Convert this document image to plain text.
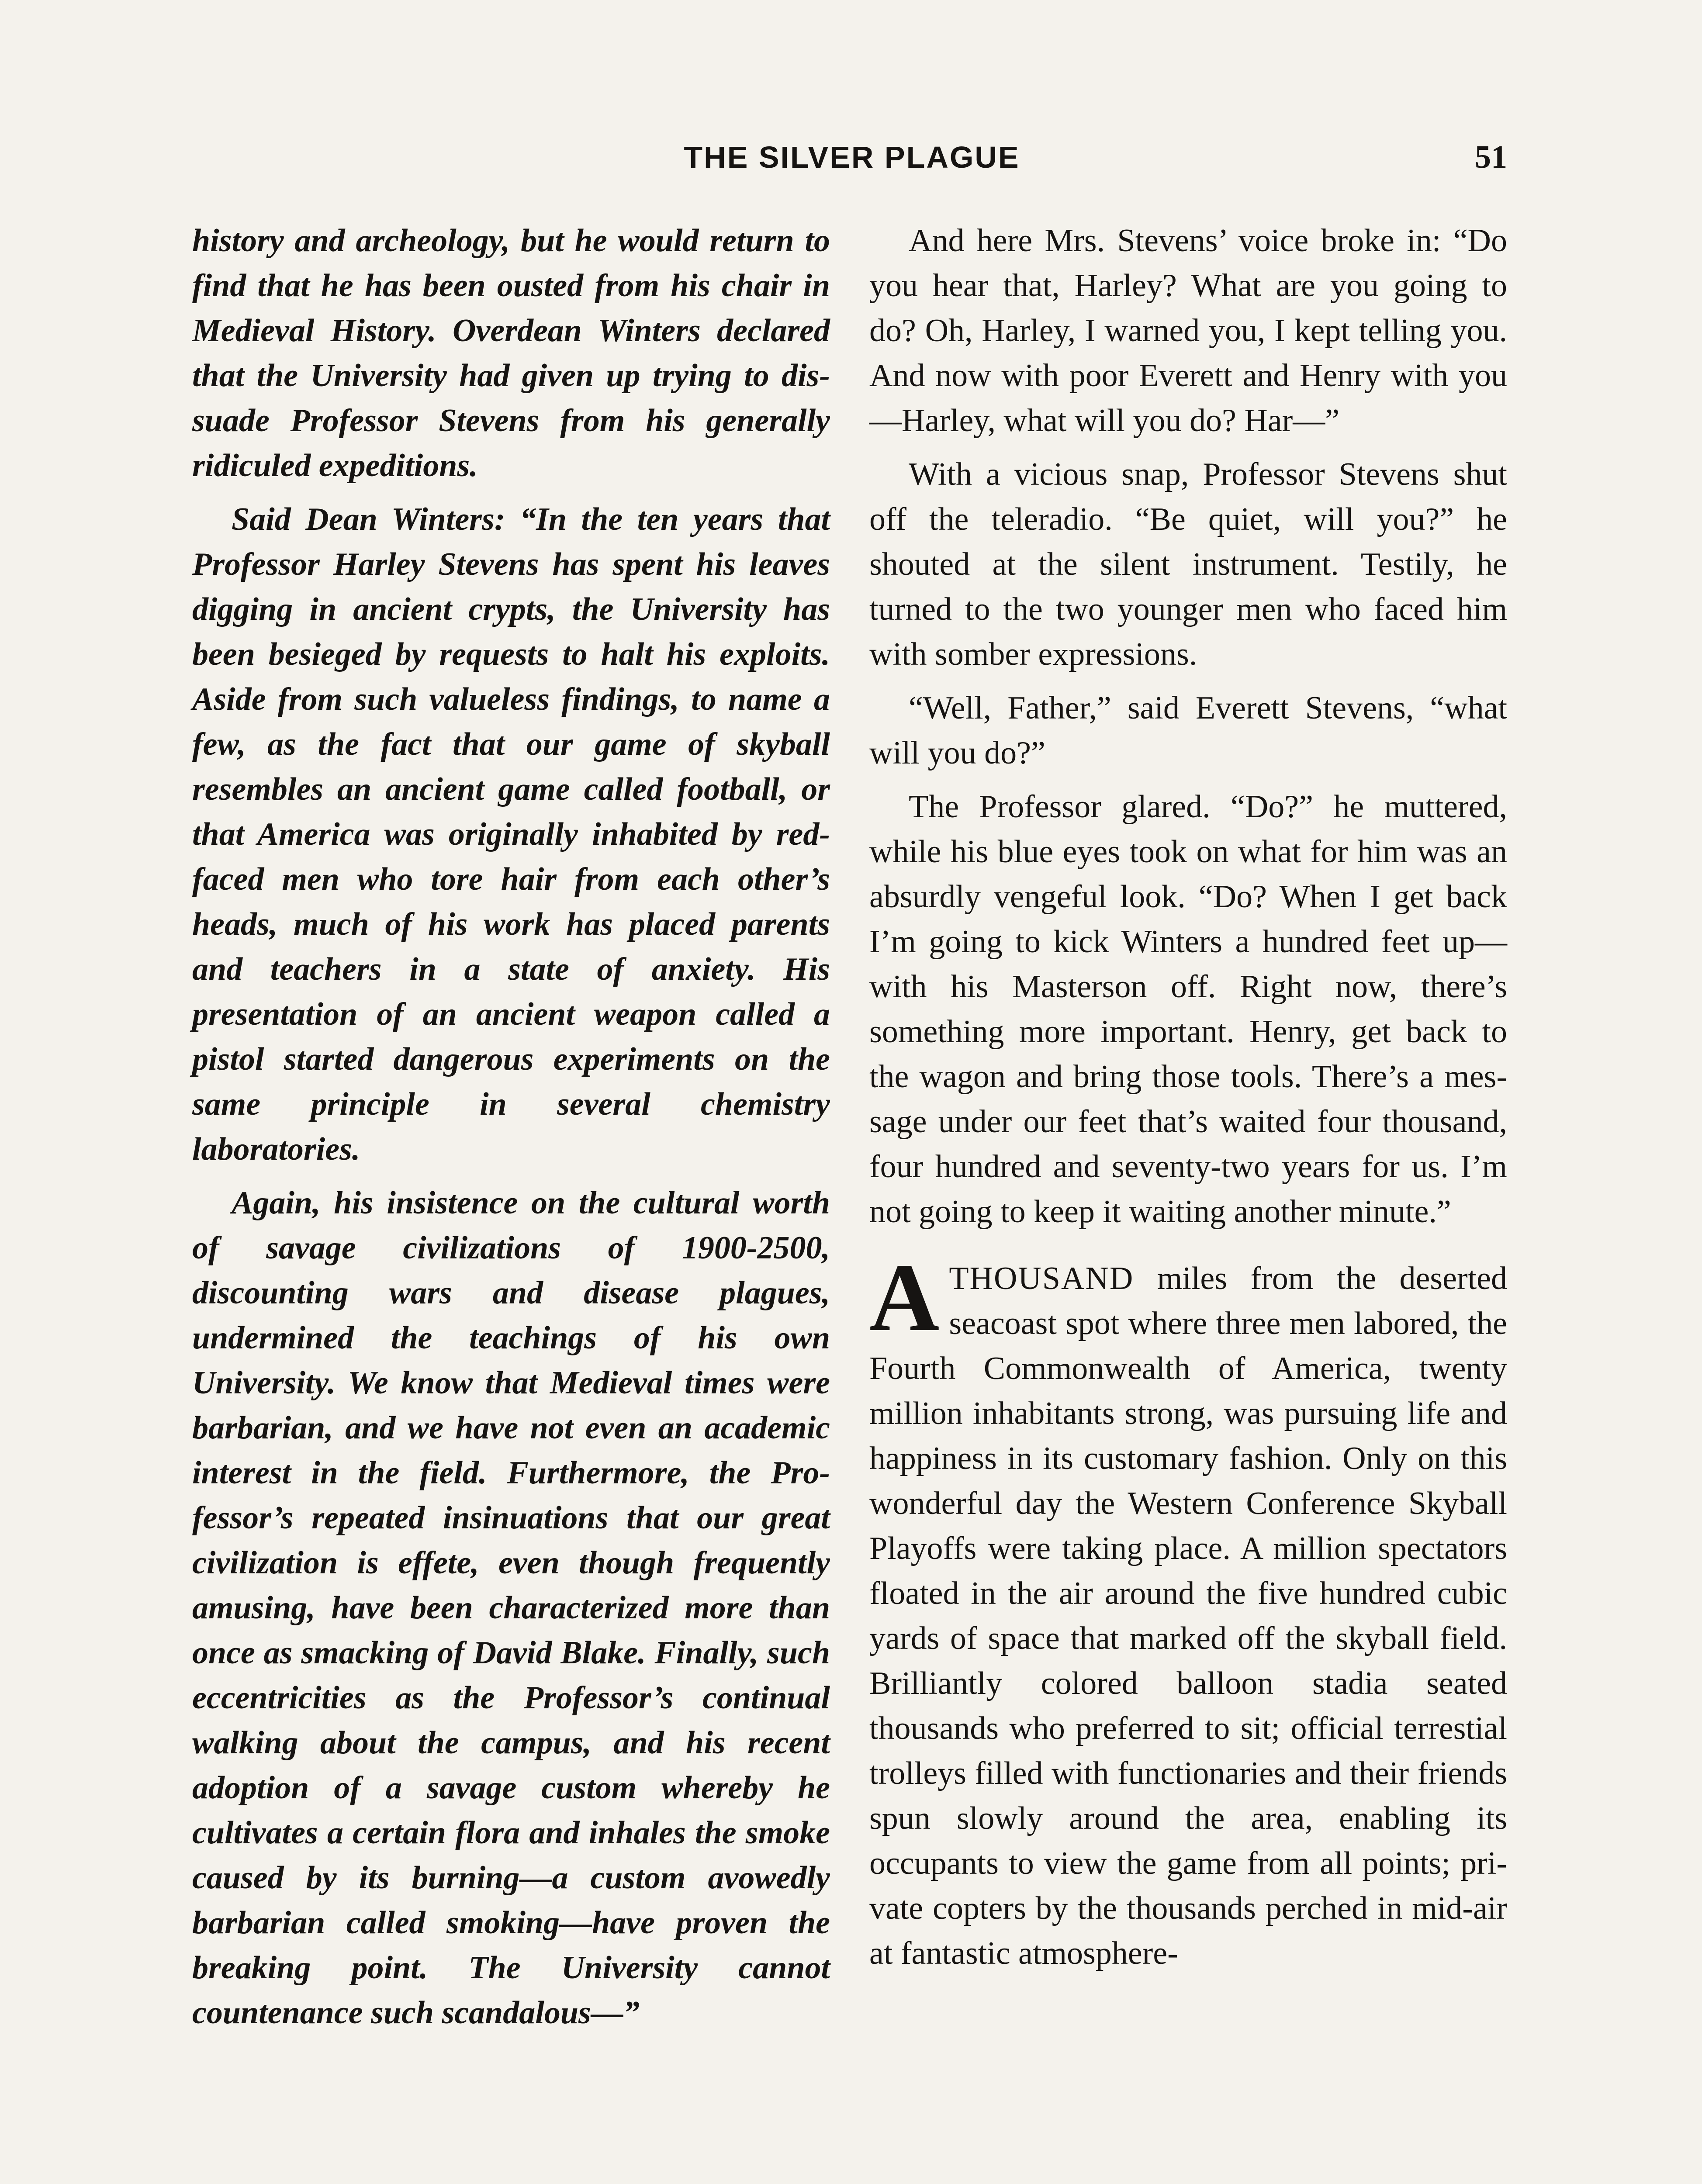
THE SILVER PLAGUE	51

history and archeology, but he would return to find that he has been ousted from his chair in Medieval History. Overdean Winters declared that the University had given up trying to dissuade Professor Stevens from his generally ridiculed expeditions.

Said Dean Winters: “In the ten years that Professor Harley Stevens has spent his leaves digging in ancient crypts, the University has been besieged by requests to halt his exploits. Aside from such valueless findings, to name a few, as the fact that our game of skyball resembles an ancient game called football, or that America was originally inhabited by red-faced men who tore hair from each other’s heads, much of his work has placed parents and teachers in a state of anxiety. His presentation of an ancient weapon called a pistol started dangerous experiments on the same principle in several chemistry laboratories.

Again, his insistence on the cultural worth of savage civilizations of 1900-2500, discounting wars and disease plagues, undermined the teachings of his own University. We know that Medieval times were barbarian, and we have not even an academic interest in the field. Furthermore, the Professor’s repeated insinuations that our great civilization is effete, even though frequently amusing, have been characterized more than once as smacking of David Blake. Finally, such eccentricities as the Professor’s continual walking about the campus, and his recent adoption of a savage custom whereby he cultivates a certain flora and inhales the smoke caused by its burning—a custom avowedly barbarian called smoking—have proven the breaking point. The University cannot countenance such scandalous—”

And here Mrs. Stevens’ voice broke in: “Do you hear that, Harley? What are you going to do? Oh, Harley, I warned you, I kept telling you. And now with poor Everett and Henry with you—Harley, what will you do? Har—”

With a vicious snap, Professor Stevens shut off the teleradio. “Be quiet, will you?” he shouted at the silent instrument. Testily, he turned to the two younger men who faced him with somber expressions.

“Well, Father,” said Everett Stevens, “what will you do?”

The Professor glared. “Do?” he muttered, while his blue eyes took on what for him was an absurdly vengeful look. “Do? When I get back I’m going to kick Winters a hundred feet up—with his Masterson off. Right now, there’s something more important. Henry, get back to the wagon and bring those tools. There’s a message under our feet that’s waited four thousand, four hundred and seventy-two years for us. I’m not going to keep it waiting another minute.”

ATHOUSAND miles from the deserted seacoast spot where three men labored, the Fourth Commonwealth of America, twenty million inhabitants strong, was pursuing life and happiness in its customary fashion. Only on this wonderful day the Western Conference Skyball Playoffs were taking place. A million spectators floated in the air around the five hundred cubic yards of space that marked off the skyball field. Brilliantly colored balloon stadia seated thousands who preferred to sit; official terrestial trolleys filled with functionaries and their friends spun slowly around the area, enabling its occupants to view the game from all points; private copters by the thousands perched in mid-air at fantastic atmosphere-
